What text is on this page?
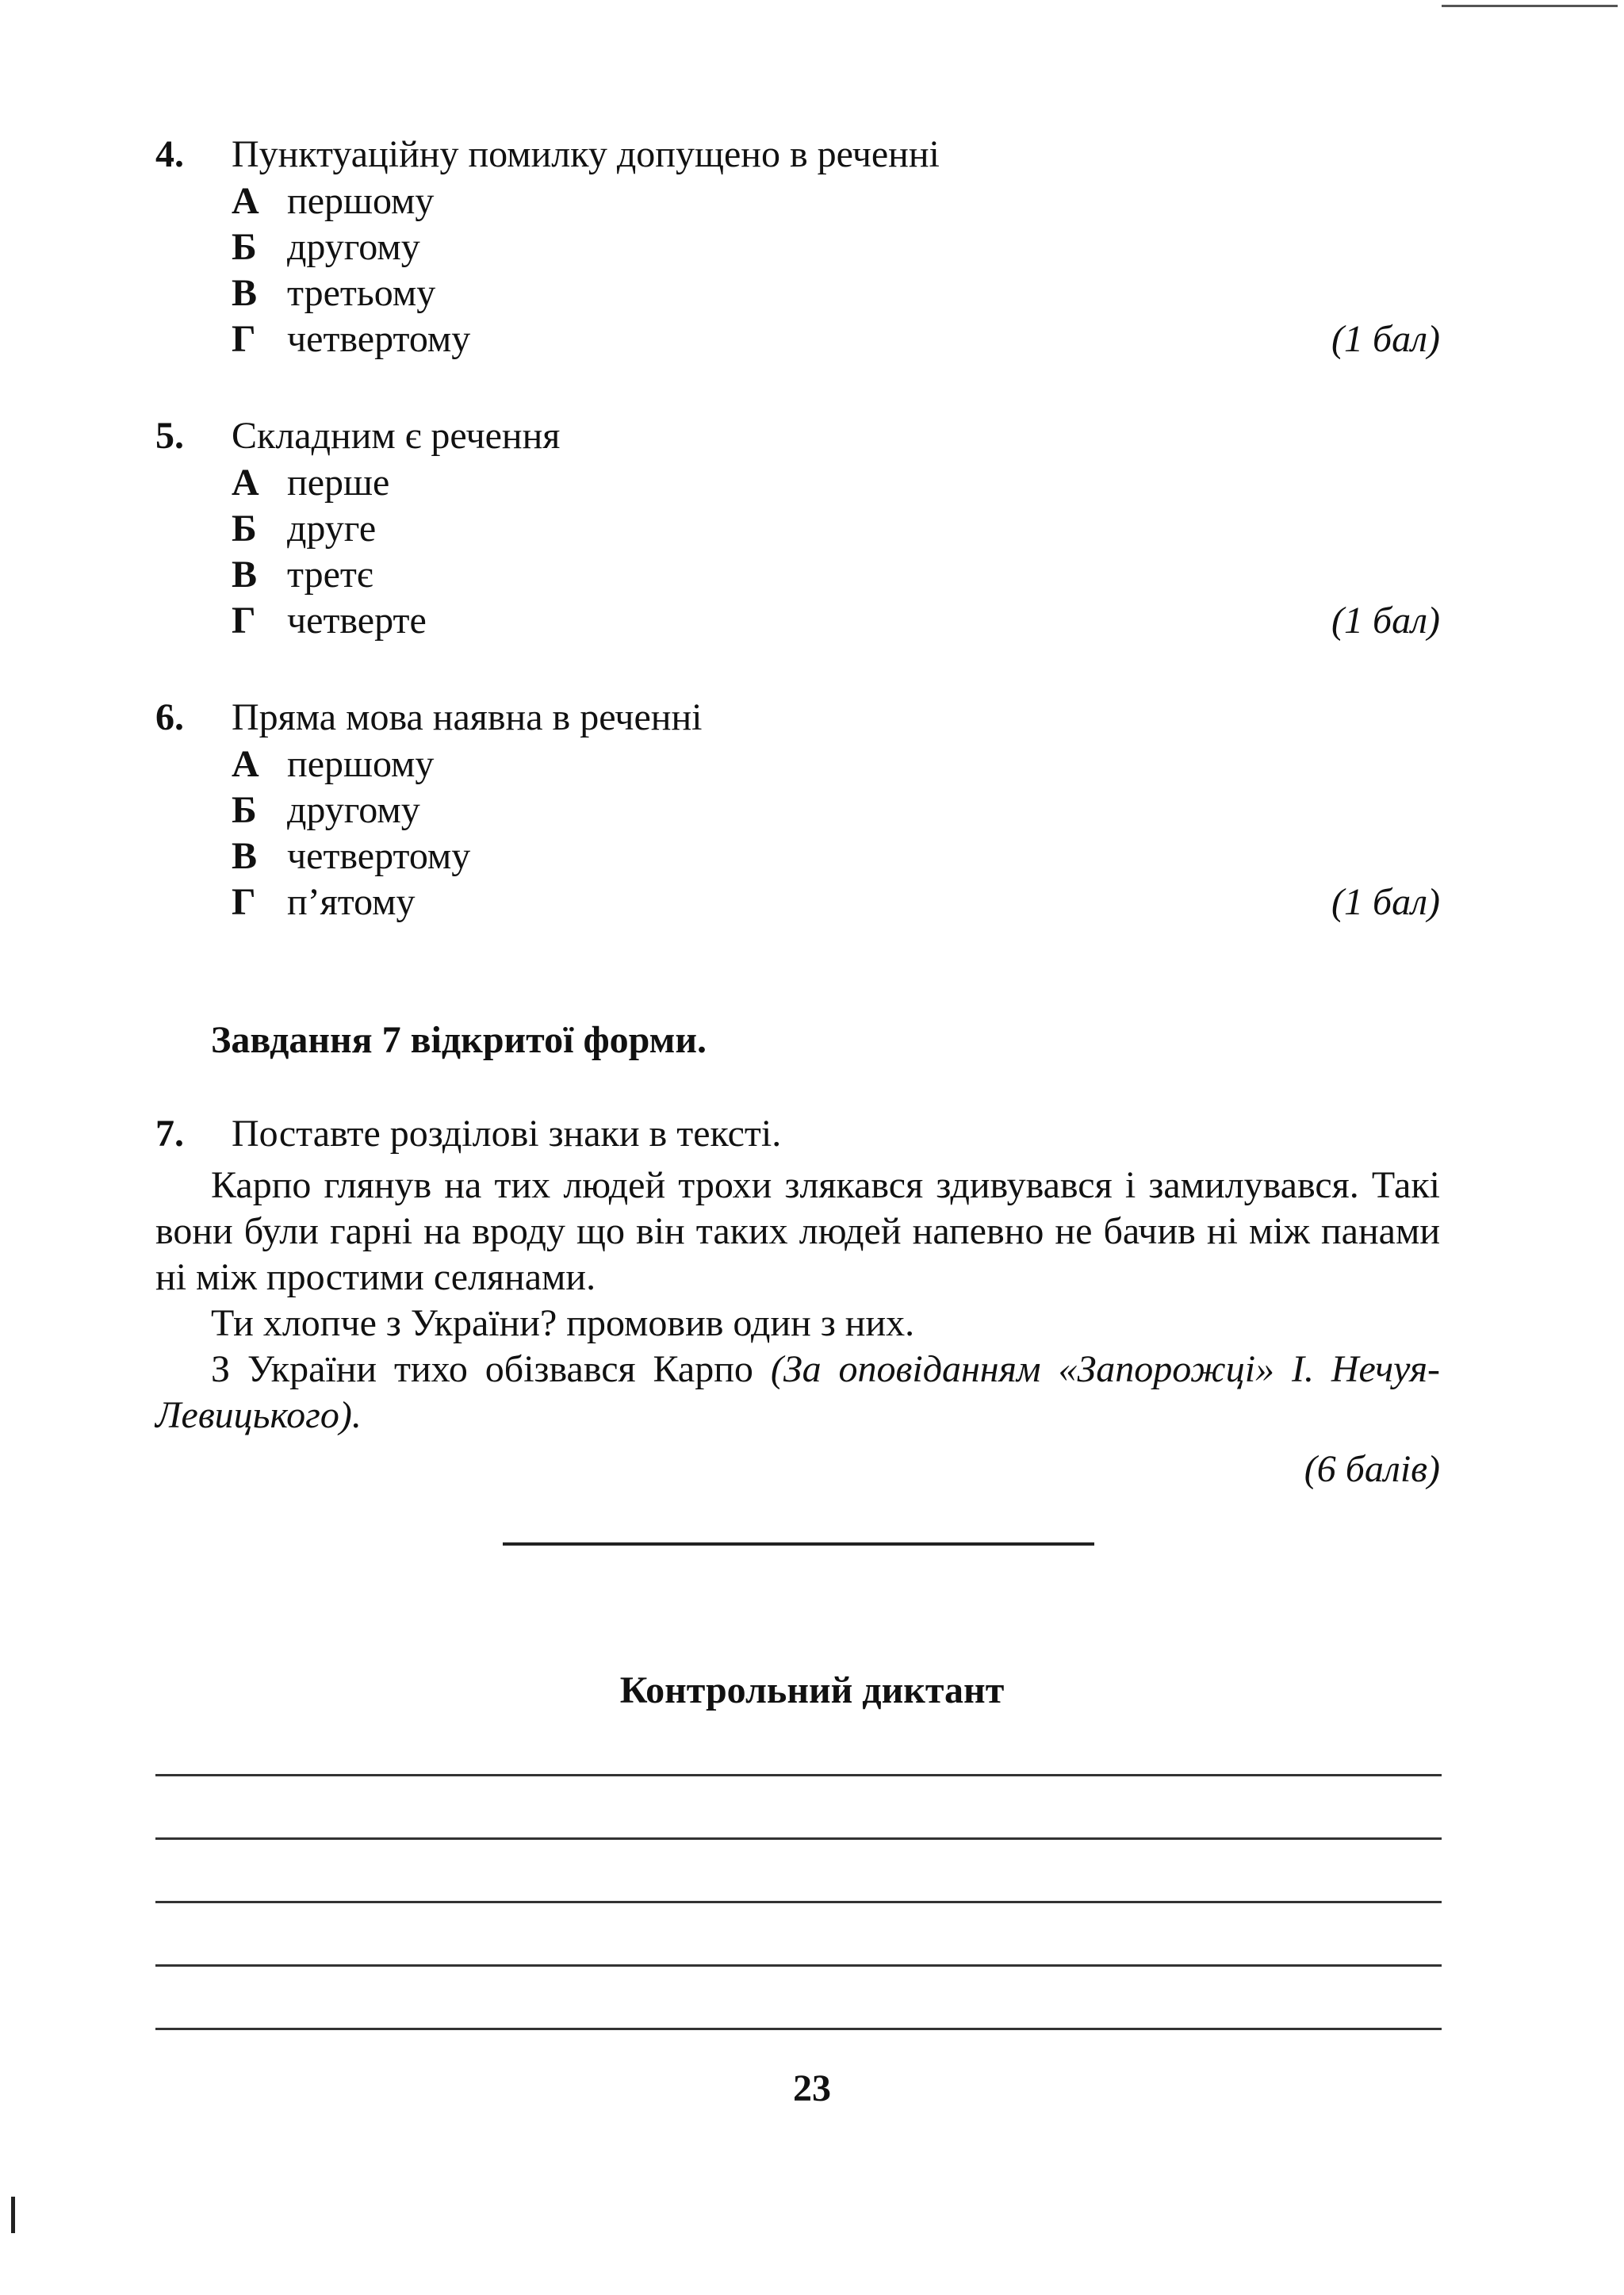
4. Пунктуаційну помилку допущено в реченні
А першому
Б другому
В третьому
Г четвертому	(1 бал)
5. Складним є речення
А перше
Б друге
В третє
Г четверте	(1 бал)
6. Пряма мова наявна в реченні
А першому
Б другому
В четвертому
Г п’ятому	(1 бал)
Завдання 7 відкритої форми.
7. Поставте розділові знаки в тексті.

Карпо глянув на тих людей трохи злякався здивувався і замилувався. Такі вони були гарні на вроду що він таких людей напевно не бачив ні між панами ні між простими селянами.

Ти хлопче з України? промовив один з них.

З України тихо обізвався Карпо (За оповіданням «Запорожці» І. Нечуя-Левицького).

(6 балів)
Контрольний диктант
23
